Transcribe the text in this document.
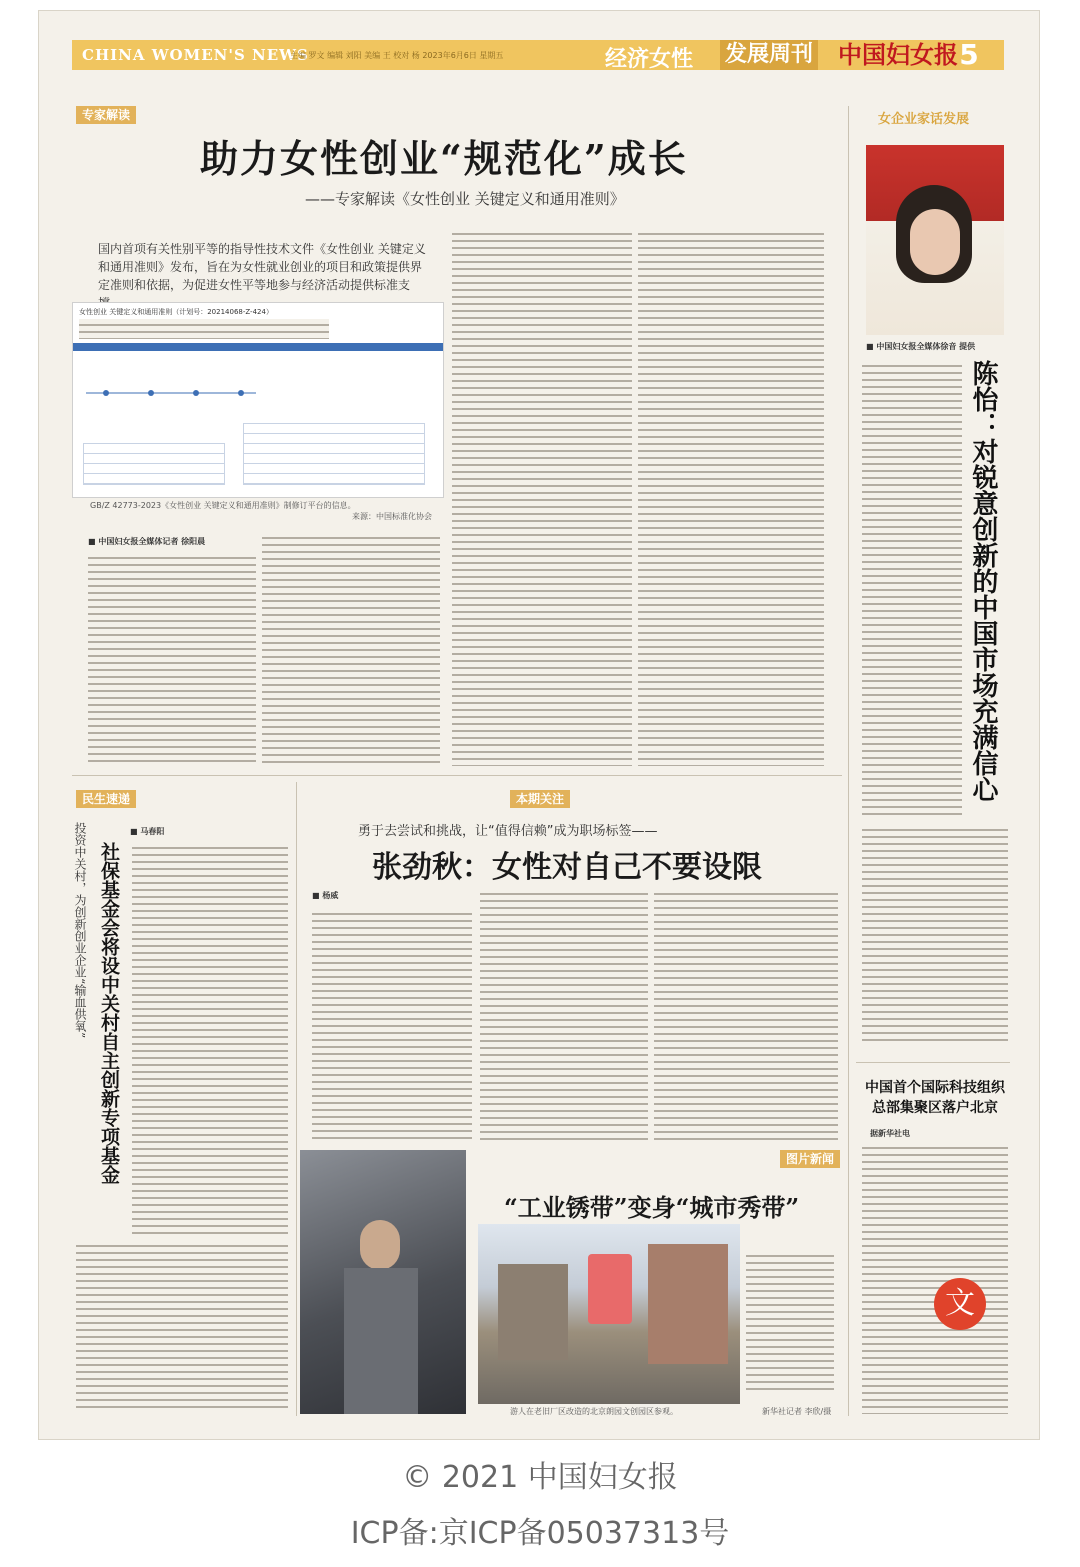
CHINA WOMEN'S NEWS
主编 罗文 编辑 刘阳 美编 王 校对 杨 2023年6月6日 星期五	经济女性 发展周刊 中国妇女报 5
专家解读
助力女性创业“规范化”成长
——专家解读《女性创业 关键定义和通用准则》
国内首项有关性别平等的指导性技术文件《女性创业 关键定义和通用准则》发布，旨在为女性就业创业的项目和政策提供界定准则和依据，为促进女性平等地参与经济活动提供标准支
女性创业 关键定义和通用准则（计划号：20214068-Z-424）
GB/Z 42773-2023《女性创业 关键定义和通用准则》制修订平台的信息。
来源：中国标准化协会
■ 中国妇女报全媒体记者 徐阳晨
民生速递
社保基金会将设中关村自主创新专项基金
投资中关村，为创新创业企业“输血供氧”	■ 马春阳
本期关注
勇于去尝试和挑战，让“值得信赖”成为职场标签——
张劲秋：女性对自己不要设限
■ 杨威
图片新闻
“工业锈带”变身“城市秀带”
游人在老旧厂区改造的北京朗园文创园区参观。	新华社记者 李欣/摄
女企业家话发展
■ 中国妇女报全媒体徐音 提供
陈怡：对锐意创新的中国市场充满信心
中国首个国际科技组织总部集聚区落户北京
据新华社电
文
© 2021 中国妇女报
ICP备:京ICP备05037313号
